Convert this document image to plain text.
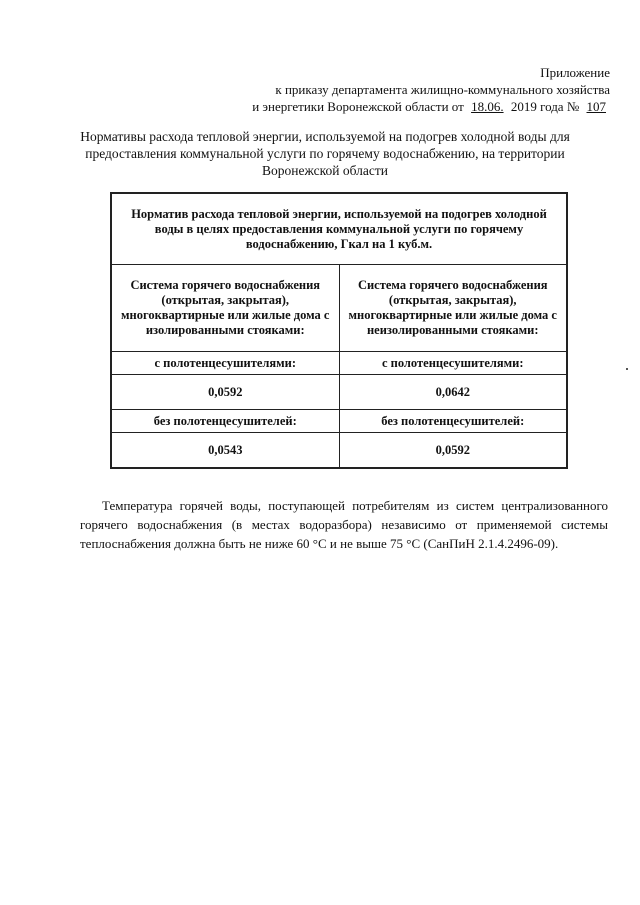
Приложение
к приказу департамента жилищно-коммунального хозяйства
и энергетики Воронежской области от 18.06. 2019 года № 107
Нормативы расхода тепловой энергии, используемой на подогрев холодной воды для предоставления коммунальной услуги по горячему водоснабжению, на территории Воронежской области
Норматив расхода тепловой энергии, используемой на подогрев холодной воды в целях предоставления коммунальной услуги по горячему водоснабжению, Гкал на 1 куб.м.	
Система горячего водоснабжения (открытая, закрытая), многоквартирные или жилые дома с изолированными стояками:	Система горячего водоснабжения (открытая, закрытая), многоквартирные или жилые дома с неизолированными стояками:
с полотенцесушителями:	с полотенцесушителями:
0,0592	0,0642
без полотенцесушителей:	без полотенцесушителей:
0,0543	0,0592

Температура горячей воды, поступающей потребителям из систем централизованного горячего водоснабжения (в местах водоразбора) независимо от применяемой системы теплоснабжения должна быть не ниже 60 °С и не выше 75 °С (СанПиН 2.1.4.2496-09).
